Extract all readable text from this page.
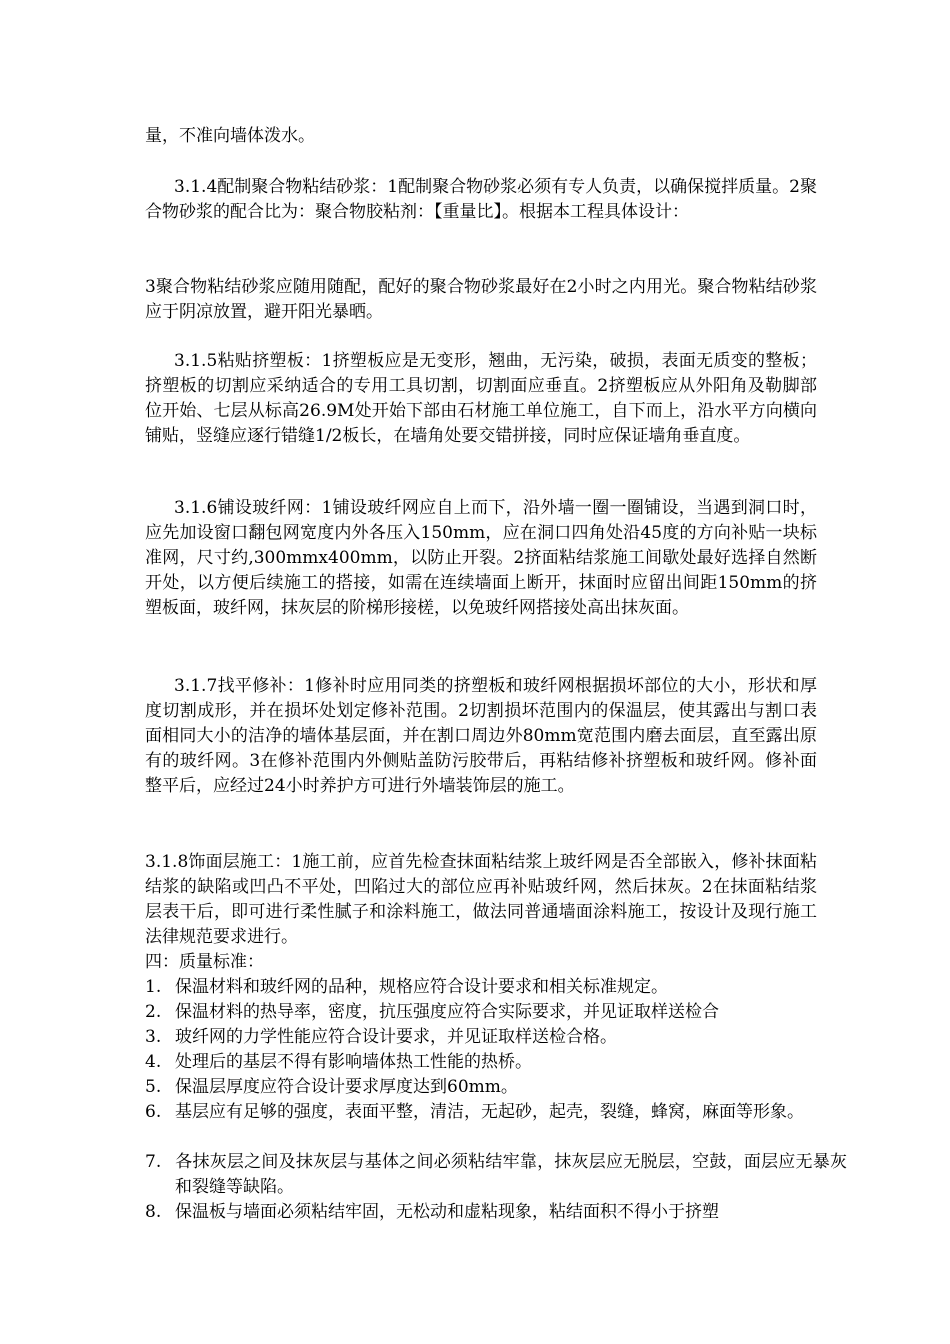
量，不准向墙体泼水。

3.1.4配制聚合物粘结砂浆：1配制聚合物砂浆必须有专人负责，以确保搅拌质量。2聚合物砂浆的配合比为：聚合物胶粘剂：【重量比】。根据本工程具体设计：

3聚合物粘结砂浆应随用随配，配好的聚合物砂浆最好在2小时之内用光。聚合物粘结砂浆应于阴凉放置，避开阳光暴晒。

3.1.5粘贴挤塑板：1挤塑板应是无变形，翘曲，无污染，破损，表面无质变的整板；挤塑板的切割应采纳适合的专用工具切割，切割面应垂直。2挤塑板应从外阳角及勒脚部位开始、七层从标高26.9M处开始下部由石材施工单位施工，自下而上，沿水平方向横向铺贴，竖缝应逐行错缝1/2板长，在墙角处要交错拼接，同时应保证墙角垂直度。

3.1.6铺设玻纤网：1铺设玻纤网应自上而下，沿外墙一圈一圈铺设，当遇到洞口时，应先加设窗口翻包网宽度内外各压入150mm，应在洞口四角处沿45度的方向补贴一块标准网，尺寸约,300mmx400mm，以防止开裂。2挤面粘结浆施工间歇处最好选择自然断开处，以方便后续施工的搭接，如需在连续墙面上断开，抹面时应留出间距150mm的挤塑板面，玻纤网，抹灰层的阶梯形接槎，以免玻纤网搭接处高出抹灰面。

3.1.7找平修补：1修补时应用同类的挤塑板和玻纤网根据损坏部位的大小，形状和厚度切割成形，并在损坏处划定修补范围。2切割损坏范围内的保温层，使其露出与割口表面相同大小的洁净的墙体基层面，并在割口周边外80mm宽范围内磨去面层，直至露出原有的玻纤网。3在修补范围内外侧贴盖防污胶带后，再粘结修补挤塑板和玻纤网。修补面整平后，应经过24小时养护方可进行外墙装饰层的施工。

3.1.8饰面层施工：1施工前，应首先检查抹面粘结浆上玻纤网是否全部嵌入，修补抹面粘结浆的缺陷或凹凸不平处，凹陷过大的部位应再补贴玻纤网，然后抹灰。2在抹面粘结浆层表干后，即可进行柔性腻子和涂料施工，做法同普通墙面涂料施工，按设计及现行施工法律规范要求进行。

四：质量标准：

1. 保温材料和玻纤网的品种，规格应符合设计要求和相关标准规定。
2. 保温材料的热导率，密度，抗压强度应符合实际要求，并见证取样送检合
3. 玻纤网的力学性能应符合设计要求，并见证取样送检合格。
4. 处理后的基层不得有影响墙体热工性能的热桥。
5. 保温层厚度应符合设计要求厚度达到60mm。
6. 基层应有足够的强度，表面平整，清洁，无起砂，起壳，裂缝，蜂窝，麻面等形象。
7. 各抹灰层之间及抹灰层与基体之间必须粘结牢靠，抹灰层应无脱层，空鼓，面层应无暴灰和裂缝等缺陷。
8. 保温板与墙面必须粘结牢固，无松动和虚粘现象，粘结面积不得小于挤塑
